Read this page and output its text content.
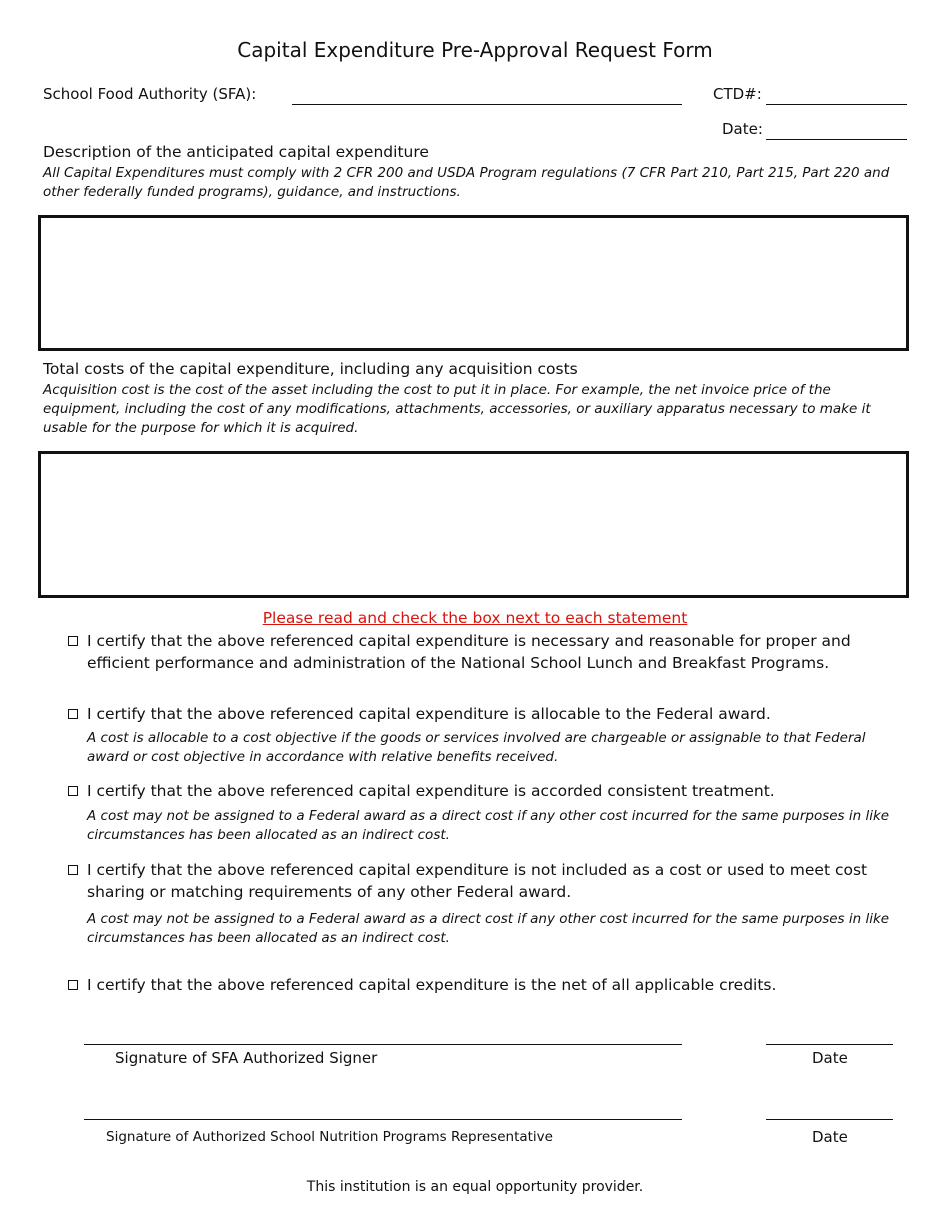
Capital Expenditure Pre-Approval Request Form
School Food Authority (SFA):	CTD#:
Date:
Description of the anticipated capital expenditure
All Capital Expenditures must comply with 2 CFR 200 and USDA Program regulations (7 CFR Part 210, Part 215, Part 220 and other federally funded programs), guidance, and instructions.
Total costs of the capital expenditure, including any acquisition costs
Acquisition cost is the cost of the asset including the cost to put it in place. For example, the net invoice price of the equipment, including the cost of any modifications, attachments, accessories, or auxiliary apparatus necessary to make it usable for the purpose for which it is acquired.
Please read and check the box next to each statement
I certify that the above referenced capital expenditure is necessary and reasonable for proper and efficient performance and administration of the National School Lunch and Breakfast Programs.
I certify that the above referenced capital expenditure is allocable to the Federal award.
A cost is allocable to a cost objective if the goods or services involved are chargeable or assignable to that Federal award or cost objective in accordance with relative benefits received.
I certify that the above referenced capital expenditure is accorded consistent treatment.
A cost may not be assigned to a Federal award as a direct cost if any other cost incurred for the same purposes in like circumstances has been allocated as an indirect cost.
I certify that the above referenced capital expenditure is not included as a cost or used to meet cost sharing or matching requirements of any other Federal award.
A cost may not be assigned to a Federal award as a direct cost if any other cost incurred for the same purposes in like circumstances has been allocated as an indirect cost.
I certify that the above referenced capital expenditure is the net of all applicable credits.
Signature of SFA Authorized Signer	Date
Signature of Authorized School Nutrition Programs Representative	Date
This institution is an equal opportunity provider.
